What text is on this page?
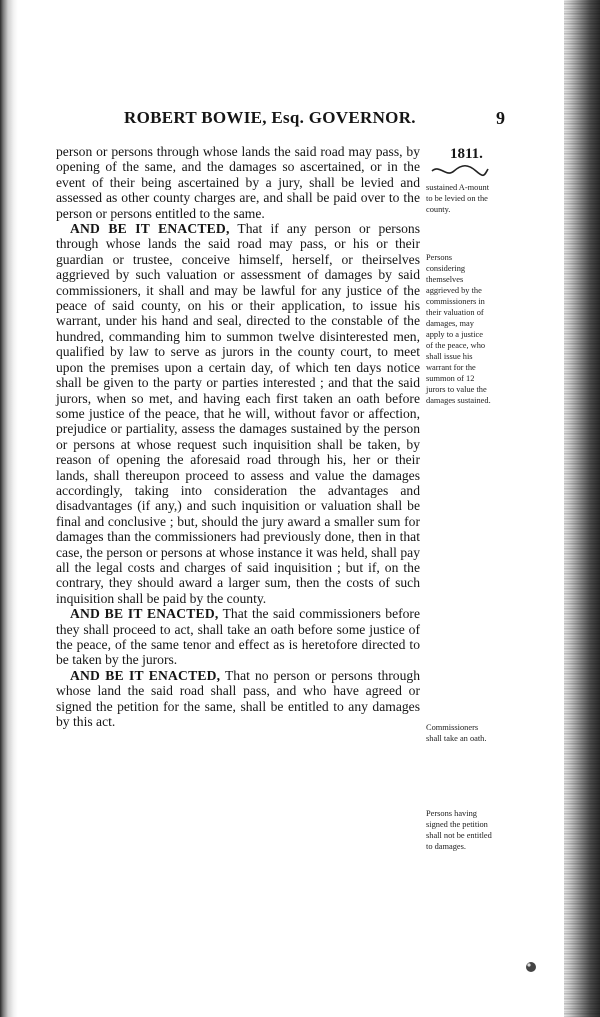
ROBERT BOWIE, Esq. GOVERNOR.	9

1811.

person or persons through whose lands the said road may pass, by opening of the same, and the damages so ascertained, or in the event of their being ascertained by a jury, shall be levied and assessed as other county charges are, and shall be paid over to the person or persons entitled to the same.

AND BE IT ENACTED, That if any person or persons through whose lands the said road may pass, or his or their guardian or trustee, conceive himself, herself, or theirselves aggrieved by such valuation or assessment of damages by said commissioners, it shall and may be lawful for any justice of the peace of said county, on his or their application, to issue his warrant, under his hand and seal, directed to the constable of the hundred, commanding him to summon twelve disinterested men, qualified by law to serve as jurors in the county court, to meet upon the premises upon a certain day, of which ten days notice shall be given to the party or parties interested ; and that the said jurors, when so met, and having each first taken an oath before some justice of the peace, that he will, without favor or affection, prejudice or partiality, assess the damages sustained by the person or persons at whose request such inquisition shall be taken, by reason of opening the aforesaid road through his, her or their lands, shall thereupon proceed to assess and value the damages accordingly, taking into consideration the advantages and disadvantages (if any,) and such inquisition or valuation shall be final and conclusive ; but, should the jury award a smaller sum for damages than the commissioners had previously done, then in that case, the person or persons at whose instance it was held, shall pay all the legal costs and charges of said inquisition ; but if, on the contrary, they should award a larger sum, then the costs of such inquisition shall be paid by the county.

AND BE IT ENACTED, That the said commissioners before they shall proceed to act, shall take an oath before some justice of the peace, of the same tenor and effect as is heretofore directed to be taken by the jurors.

AND BE IT ENACTED, That no person or persons through whose land the said road shall pass, and who have agreed or signed the petition for the same, shall be entitled to any damages by this act.

sustained A-mount to be levied on the county.

Persons considering themselves aggrieved by the commissioners in their valuation of damages, may apply to a justice of the peace, who shall issue his warrant for the summon of 12 jurors to value the damages sustained.

Commissioners shall take an oath.

Persons having signed the petition shall not be entitled to damages.
